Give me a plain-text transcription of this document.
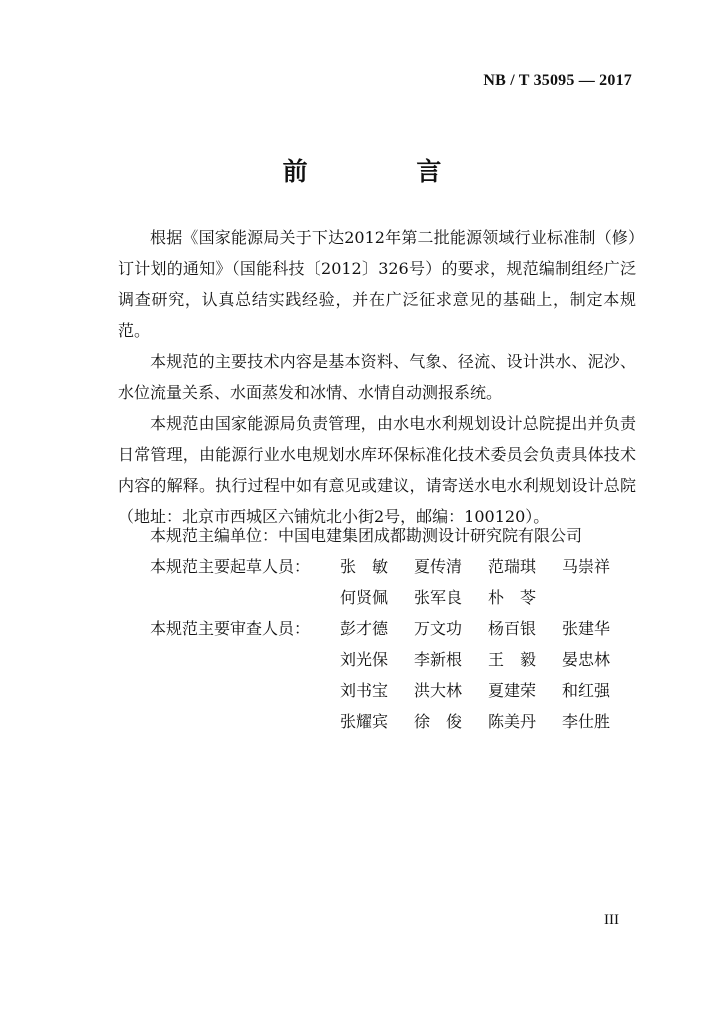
NB / T 35095 — 2017
前 言

根据《国家能源局关于下达2012年第二批能源领域行业标准制（修）订计划的通知》（国能科技〔2012〕326号）的要求，规范编制组经广泛调查研究，认真总结实践经验，并在广泛征求意见的基础上，制定本规范。

本规范的主要技术内容是基本资料、气象、径流、设计洪水、泥沙、水位流量关系、水面蒸发和冰情、水情自动测报系统。

本规范由国家能源局负责管理，由水电水利规划设计总院提出并负责日常管理，由能源行业水电规划水库环保标准化技术委员会负责具体技术内容的解释。执行过程中如有意见或建议，请寄送水电水利规划设计总院（地址：北京市西城区六铺炕北小街2号，邮编：100120）。

本规范主编单位：中国电建集团成都勘测设计研究院有限公司
本规范主要起草人员：	张　敏	夏传清	范瑞琪	马崇祥
何贤佩	张军良	朴　苓
本规范主要审查人员：	彭才德	万文功	杨百银	张建华
刘光保	李新根	王　毅	晏忠林
刘书宝	洪大林	夏建荣	和红强
张耀宾	徐　俊	陈美丹	李仕胜
III
